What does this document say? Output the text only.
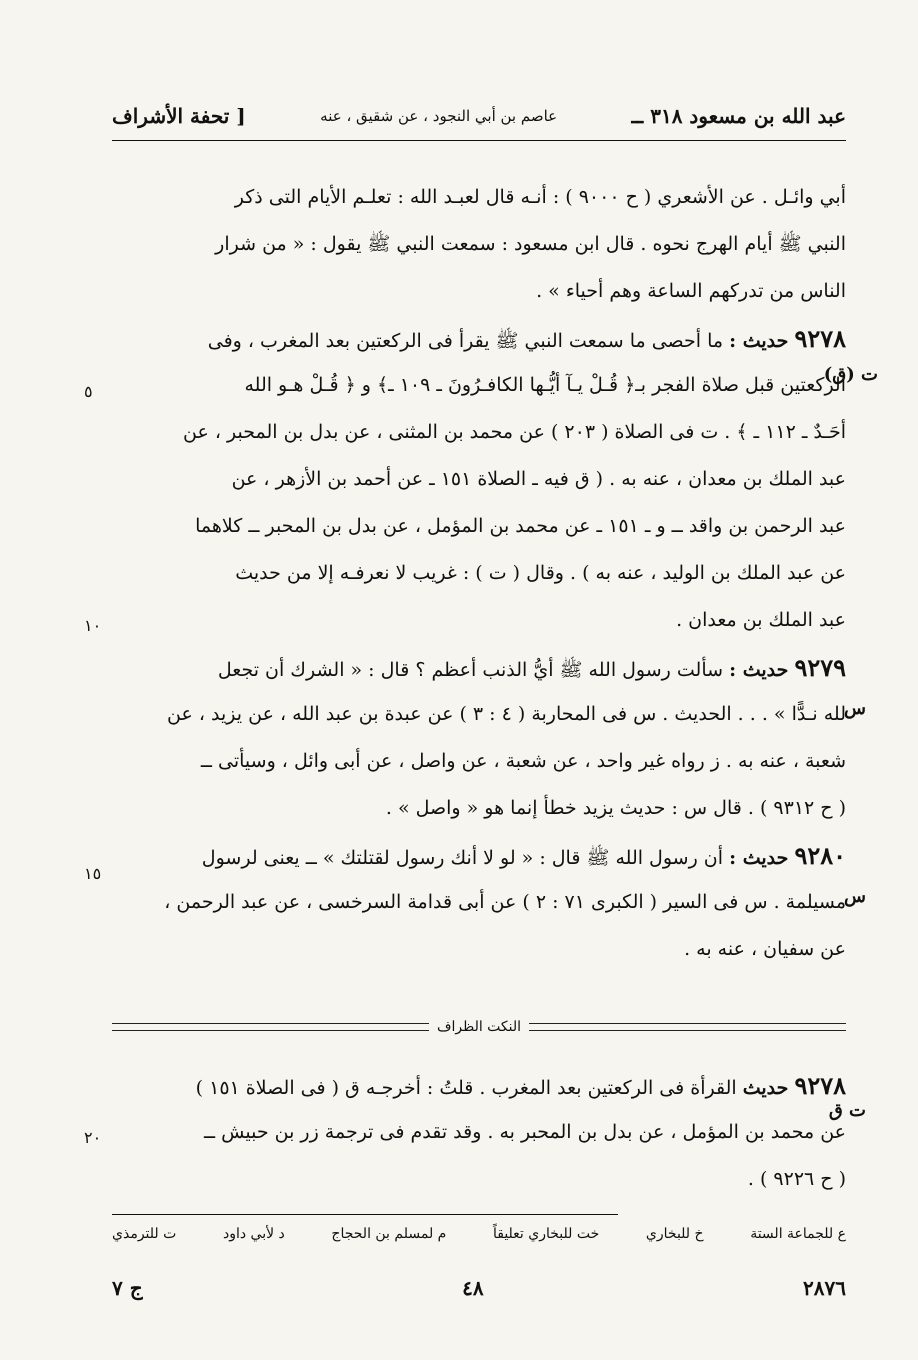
عبد الله بن مسعود ٣١٨ ــ
عاصم بن أبي النجود ، عن شقيق ، عنه
[ تحفة الأشراف
أبي وائـل . عن الأشعري ( ح ٩٠٠٠ ) : أنـه قال لعبـد الله : تعلـم الأيام التى ذكر
النبي ﷺ أيام الهرج نحوه . قال ابن مسعود : سمعت النبي ﷺ يقول : « من شرار
الناس من تدركهم الساعة وهم أحياء » .
٩٢٧٨ حديث : ما أحصى ما سمعت النبي ﷺ يقرأ فى الركعتين بعد المغرب ، وفى
الركعتين قبل صلاة الفجر بـ﴿ قُـلْ يـآ أيُّـها الكافـرُونَ ـ ١٠٩ ـ﴾ و ﴿ قُـلْ هـو الله
أحَـدٌ ـ ١١٢ ـ ﴾ . ت فى الصلاة ( ٢٠٣ ) عن محمد بن المثنى ، عن بدل بن المحبر ، عن
عبد الملك بن معدان ، عنه به . ( ق فيه ـ الصلاة ١٥١ ـ عن أحمد بن الأزهر ، عن
عبد الرحمن بن واقد ــ و ـ ١٥١ ـ عن محمد بن المؤمل ، عن بدل بن المحبر ــ كلاهما
عن عبد الملك بن الوليد ، عنه به ) . وقال ( ت ) : غريب لا نعرفـه إلا من حديث
عبد الملك بن معدان .
٩٢٧٩ حديث : سألت رسول الله ﷺ أيُّ الذنب أعظم ؟ قال : « الشرك أن تجعل
لله نـدًّا » . . . الحديث . س فى المحاربة ( ٤ : ٣ ) عن عبدة بن عبد الله ، عن يزيد ، عن
شعبة ، عنه به . ز رواه غير واحد ، عن شعبة ، عن واصل ، عن أبى وائل ، وسيأتى ــ
( ح ٩٣١٢ ) . قال س : حديث يزيد خطأ إنما هو « واصل » .
٩٢٨٠ حديث : أن رسول الله ﷺ قال : « لو لا أنك رسول لقتلتك » ــ يعنى لرسول
مسيلمة . س فى السير ( الكبرى ٧١ : ٢ ) عن أبى قدامة السرخسى ، عن عبد الرحمن ،
عن سفيان ، عنه به .
ت (ق)
س
س
ت ق
٥
١٠
١٥
٢٠
النكت الظراف
٩٢٧٨ حديث القرأة فى الركعتين بعد المغرب . قلتُ : أخرجـه ق ( فى الصلاة ١٥١ )
عن محمد بن المؤمل ، عن بدل بن المحبر به . وقد تقدم فى ترجمة زر بن حبيش ــ
( ح ٩٢٢٦ ) .
ع للجماعة الستة
خ للبخاري
خت للبخاري تعليقاً
م لمسلم بن الحجاج
د لأبي داود
ت للترمذي
٢٨٧٦
٤٨
ج ٧
